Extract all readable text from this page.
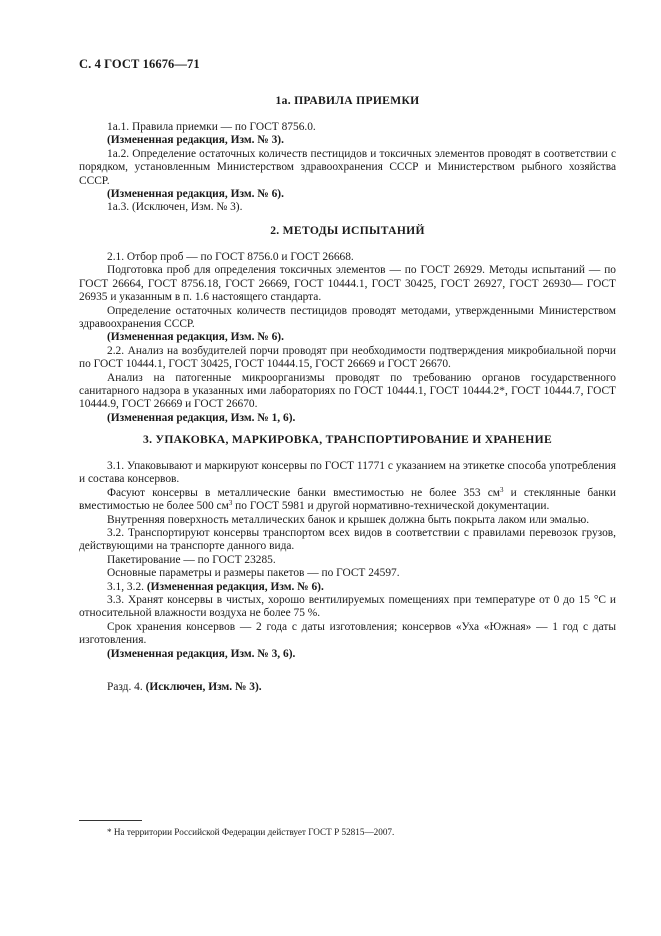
С. 4 ГОСТ 16676—71
1а. ПРАВИЛА ПРИЕМКИ

1а.1. Правила приемки — по ГОСТ 8756.0.

(Измененная редакция, Изм. № 3).

1а.2. Определение остаточных количеств пестицидов и токсичных элементов проводят в соответствии с порядком, установленным Министерством здравоохранения СССР и Министерством рыбного хозяйства СССР.

(Измененная редакция, Изм. № 6).

1а.3. (Исключен, Изм. № 3).

2. МЕТОДЫ ИСПЫТАНИЙ

2.1. Отбор проб — по ГОСТ 8756.0 и ГОСТ 26668.

Подготовка проб для определения токсичных элементов — по ГОСТ 26929. Методы испытаний — по ГОСТ 26664, ГОСТ 8756.18, ГОСТ 26669, ГОСТ 10444.1, ГОСТ 30425, ГОСТ 26927, ГОСТ 26930— ГОСТ 26935 и указанным в п. 1.6 настоящего стандарта.

Определение остаточных количеств пестицидов проводят методами, утвержденными Министерством здравоохранения СССР.

(Измененная редакция, Изм. № 6).

2.2. Анализ на возбудителей порчи проводят при необходимости подтверждения микробиальной порчи по ГОСТ 10444.1, ГОСТ 30425, ГОСТ 10444.15, ГОСТ 26669 и ГОСТ 26670.

Анализ на патогенные микроорганизмы проводят по требованию органов государственного санитарного надзора в указанных ими лабораториях по ГОСТ 10444.1, ГОСТ 10444.2*, ГОСТ 10444.7, ГОСТ 10444.9, ГОСТ 26669 и ГОСТ 26670.

(Измененная редакция, Изм. № 1, 6).

3. УПАКОВКА, МАРКИРОВКА, ТРАНСПОРТИРОВАНИЕ И ХРАНЕНИЕ

3.1. Упаковывают и маркируют консервы по ГОСТ 11771 с указанием на этикетке способа употребления и состава консервов.

Фасуют консервы в металлические банки вместимостью не более 353 $см^3$ и стеклянные банки вместимостью не более 500 $см^3$ по ГОСТ 5981 и другой нормативно-технической документации.

Внутренняя поверхность металлических банок и крышек должна быть покрыта лаком или эмалью.

3.2. Транспортируют консервы транспортом всех видов в соответствии с правилами перевозок грузов, действующими на транспорте данного вида.

Пакетирование — по ГОСТ 23285.

Основные параметры и размеры пакетов — по ГОСТ 24597.

3.1, 3.2. (Измененная редакция, Изм. № 6).

3.3. Хранят консервы в чистых, хорошо вентилируемых помещениях при температуре от 0 до 15 °С и относительной влажности воздуха не более 75 %.

Срок хранения консервов — 2 года с даты изготовления; консервов «Уха «Южная» — 1 год с даты изготовления.

(Измененная редакция, Изм. № 3, 6).

Разд. 4. (Исключен, Изм. № 3).

* На территории Российской Федерации действует ГОСТ Р 52815—2007.
